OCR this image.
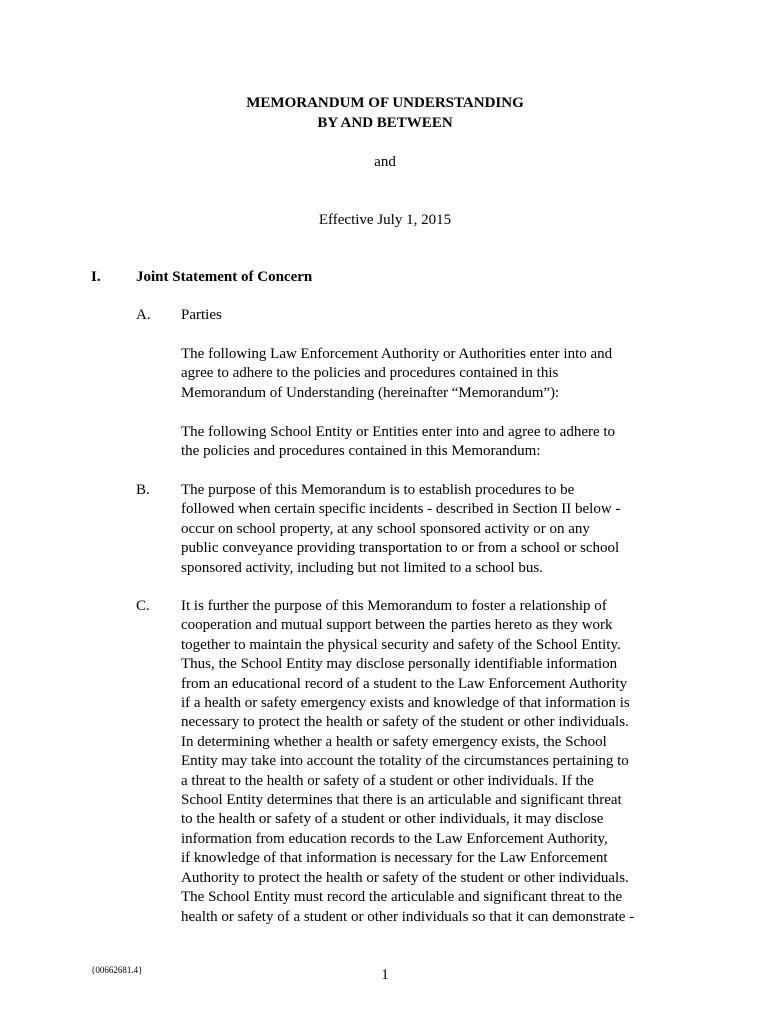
MEMORANDUM OF UNDERSTANDING
BY AND BETWEEN
and
Effective July 1, 2015
I. Joint Statement of Concern
A. Parties
The following Law Enforcement Authority or Authorities enter into and
agree to adhere to the policies and procedures contained in this
Memorandum of Understanding (hereinafter “Memorandum”):
The following School Entity or Entities enter into and agree to adhere to
the policies and procedures contained in this Memorandum:
B. The purpose of this Memorandum is to establish procedures to be
followed when certain specific incidents - described in Section II below -
occur on school property, at any school sponsored activity or on any
public conveyance providing transportation to or from a school or school
sponsored activity, including but not limited to a school bus.
C. It is further the purpose of this Memorandum to foster a relationship of
cooperation and mutual support between the parties hereto as they work
together to maintain the physical security and safety of the School Entity.
Thus, the School Entity may disclose personally identifiable information
from an educational record of a student to the Law Enforcement Authority
if a health or safety emergency exists and knowledge of that information is
necessary to protect the health or safety of the student or other individuals.
In determining whether a health or safety emergency exists, the School
Entity may take into account the totality of the circumstances pertaining to
a threat to the health or safety of a student or other individuals. If the
School Entity determines that there is an articulable and significant threat
to the health or safety of a student or other individuals, it may disclose
information from education records to the Law Enforcement Authority,
if knowledge of that information is necessary for the Law Enforcement
Authority to protect the health or safety of the student or other individuals.
The School Entity must record the articulable and significant threat to the
health or safety of a student or other individuals so that it can demonstrate -
{00662681.4}	1
